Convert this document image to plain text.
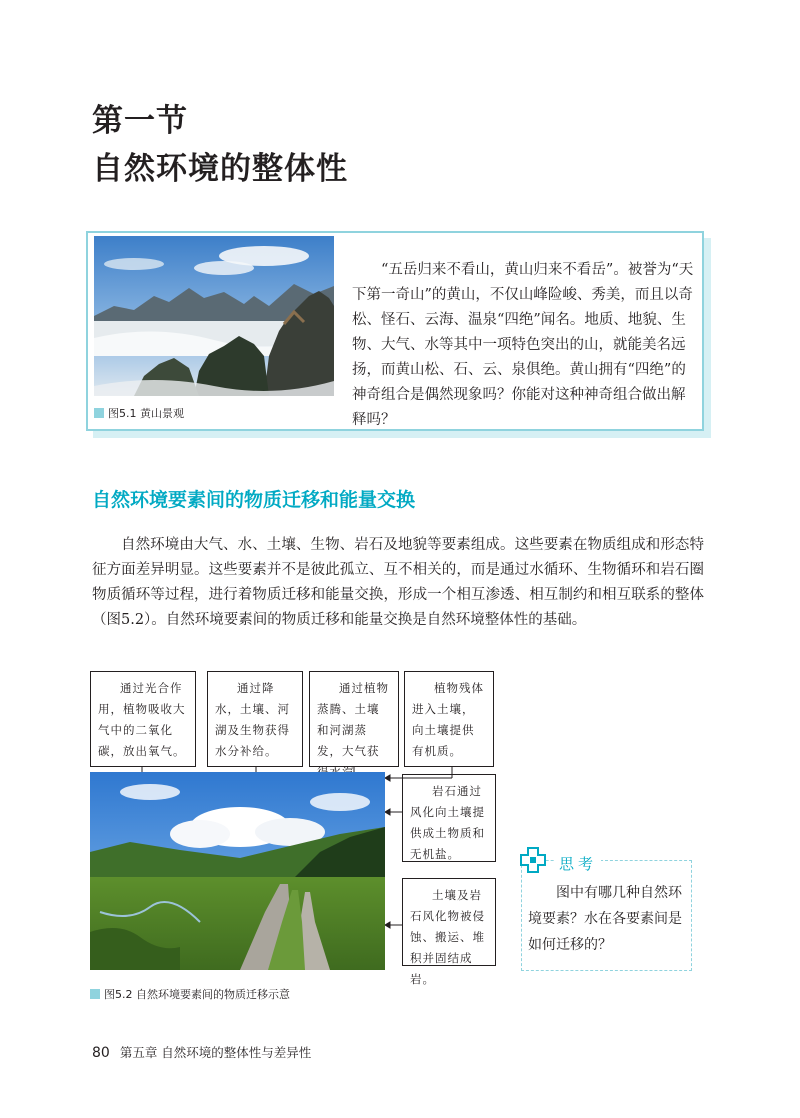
第一节
自然环境的整体性
图5.1 黄山景观
“五岳归来不看山，黄山归来不看岳”。被誉为“天下第一奇山”的黄山，不仅山峰险峻、秀美，而且以奇松、怪石、云海、温泉“四绝”闻名。地质、地貌、生物、大气、水等其中一项特色突出的山，就能美名远扬，而黄山松、石、云、泉俱绝。黄山拥有“四绝”的神奇组合是偶然现象吗？你能对这种神奇组合做出解释吗？
自然环境要素间的物质迁移和能量交换
自然环境由大气、水、土壤、生物、岩石及地貌等要素组成。这些要素在物质组成和形态特征方面差异明显。这些要素并不是彼此孤立、互不相关的，而是通过水循环、生物循环和岩石圈物质循环等过程，进行着物质迁移和能量交换，形成一个相互渗透、相互制约和相互联系的整体（图5.2）。自然环境要素间的物质迁移和能量交换是自然环境整体性的基础。
通过光合作用，植物吸收大气中的二氧化碳，放出氧气。
通过降水，土壤、河湖及生物获得水分补给。
通过植物蒸腾、土壤和河湖蒸发，大气获
植物残体进入土壤，向土壤提供有机质。
岩石通过风化向土壤提供成土物质和无机盐。
土壤及岩石风化物被侵蚀、搬运、堆积并固结成岩。
图5.2 自然环境要素间的物质迁移示意
思考
图中有哪几种自然环境要素？水在各要素间是如何迁移的？
80 第五章 自然环境的整体性与差异性
